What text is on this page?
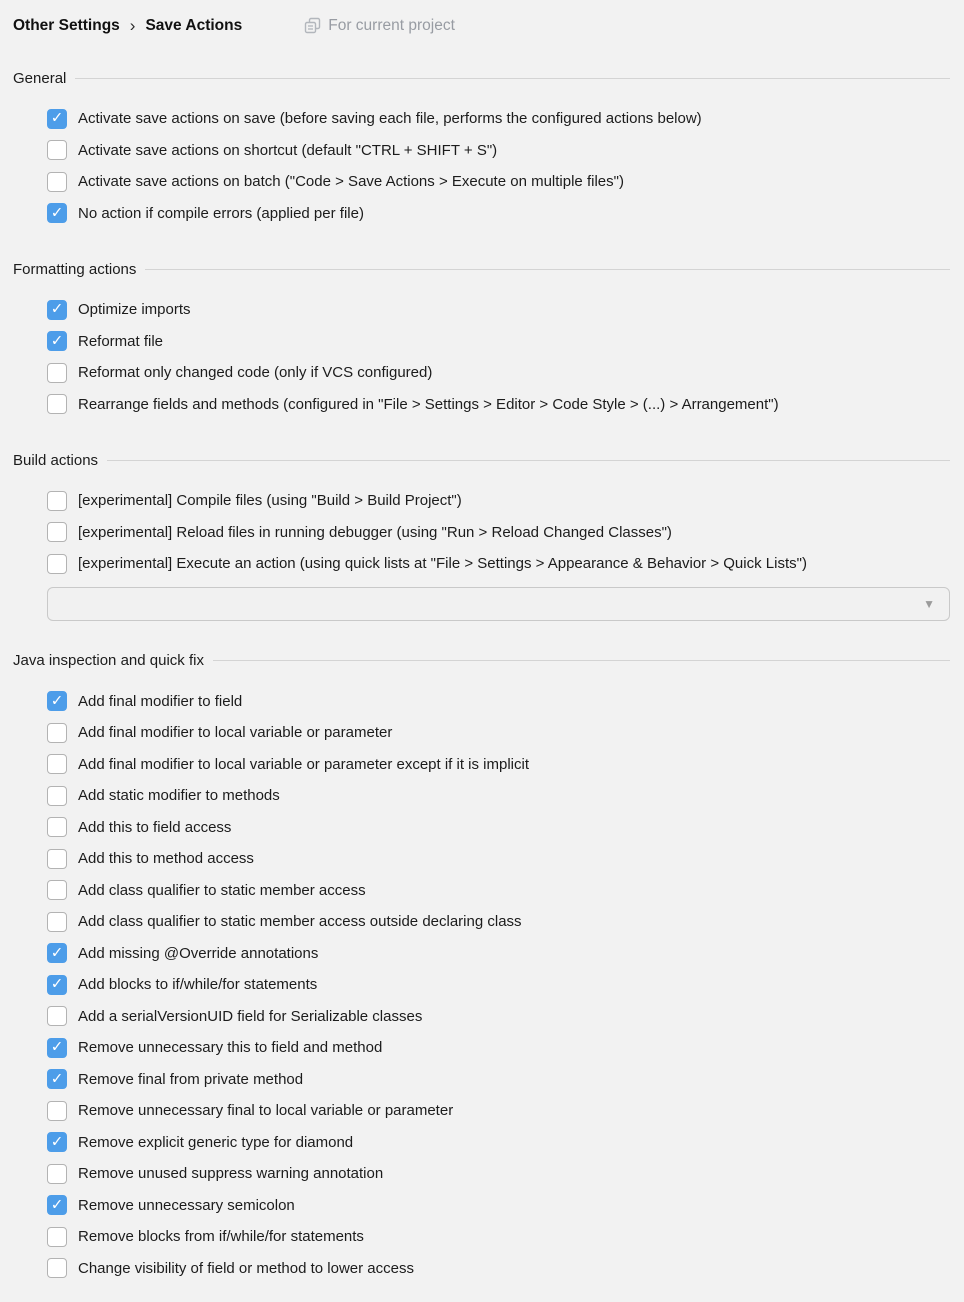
Other Settings › Save Actions	For current project
General
✓ Activate save actions on save (before saving each file, performs the configured actions below)
Activate save actions on shortcut (default "CTRL + SHIFT + S")
Activate save actions on batch ("Code > Save Actions > Execute on multiple files")
✓ No action if compile errors (applied per file)
Formatting actions
✓ Optimize imports
✓ Reformat file
Reformat only changed code (only if VCS configured)
Rearrange fields and methods (configured in "File > Settings > Editor > Code Style > (...) > Arrangement")
Build actions
[experimental] Compile files (using "Build > Build Project")
[experimental] Reload files in running debugger (using "Run > Reload Changed Classes")
[experimental] Execute an action (using quick lists at "File > Settings > Appearance & Behavior > Quick Lists")
▼
Java inspection and quick fix
✓ Add final modifier to field
Add final modifier to local variable or parameter
Add final modifier to local variable or parameter except if it is implicit
Add static modifier to methods
Add this to field access
Add this to method access
Add class qualifier to static member access
Add class qualifier to static member access outside declaring class
✓ Add missing @Override annotations
✓ Add blocks to if/while/for statements
Add a serialVersionUID field for Serializable classes
✓ Remove unnecessary this to field and method
✓ Remove final from private method
Remove unnecessary final to local variable or parameter
✓ Remove explicit generic type for diamond
Remove unused suppress warning annotation
✓ Remove unnecessary semicolon
Remove blocks from if/while/for statements
Change visibility of field or method to lower access
